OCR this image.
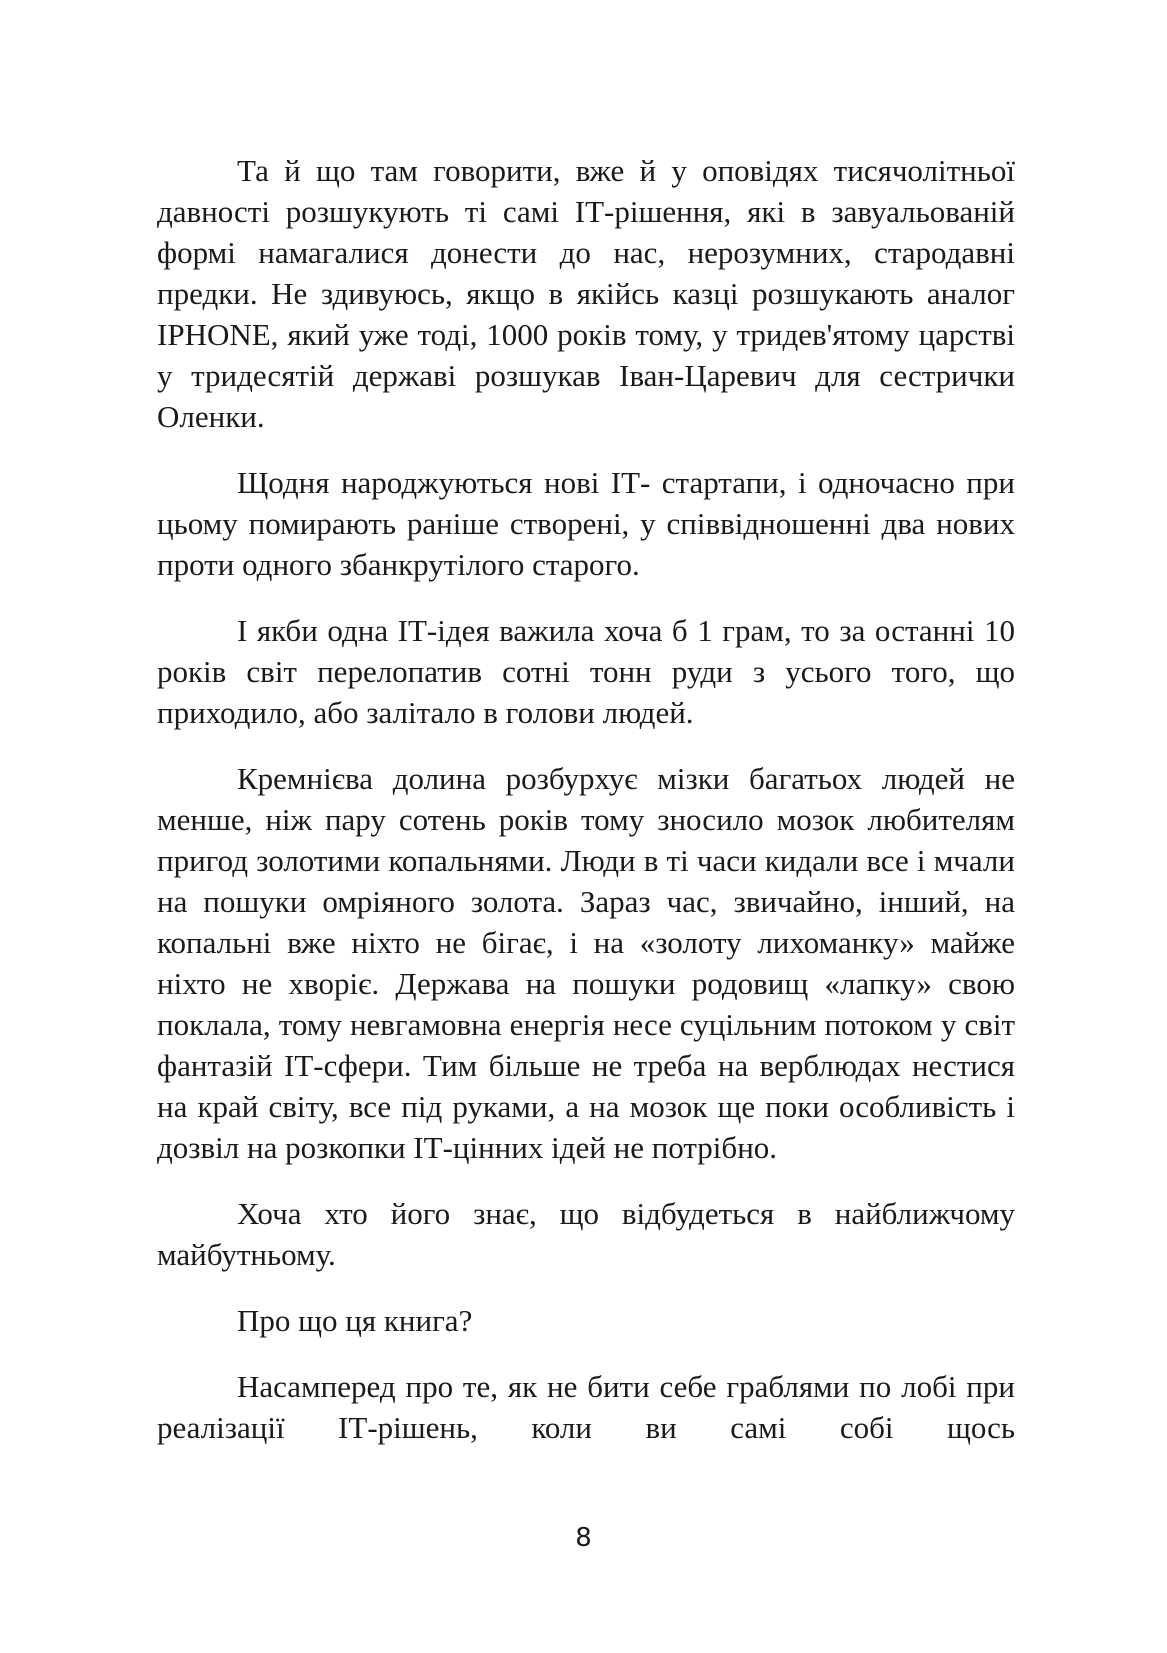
Та й що там говорити, вже й у оповідях тисячолітньої давності розшукують ті самі ІТ-рішення, які в завуальованій формі намагалися донести до нас, нерозумних, стародавні предки. Не здивуюсь, якщо в якійсь казці розшукають аналог IPHONE, який уже тоді, 1000 років тому, у тридев'ятому царстві у тридесятій державі розшукав Іван-Царевич для сестрички Оленки.

Щодня народжуються нові ІТ- стартапи, і одночасно при цьому помирають раніше створені, у співвідношенні два нових проти одного збанкрутілого старого.

І якби одна ІТ-ідея важила хоча б 1 грам, то за останні 10 років світ перелопатив сотні тонн руди з усього того, що приходило, або залітало в голови людей.

Кремнієва долина розбурхує мізки багатьох людей не менше, ніж пару сотень років тому зносило мозок любителям пригод золотими копальнями. Люди в ті часи кидали все і мчали на пошуки омріяного золота. Зараз час, звичайно, інший, на копальні вже ніхто не бігає, і на «золоту лихоманку» майже ніхто не хворіє. Держава на пошуки родовищ «лапку» свою поклала, тому невгамовна енергія несе суцільним потоком у світ фантазій ІТ-сфери. Тим більше не треба на верблюдах нестися на край світу, все під руками, а на мозок ще поки особливість і дозвіл на розкопки ІТ-цінних ідей не потрібно.

Хоча хто його знає, що відбудеться в найближчому майбутньому.

Про що ця книга?

Насамперед про те, як не бити себе граблями по лобі при реалізації ІТ-рішень, коли ви самі собі щось

8
